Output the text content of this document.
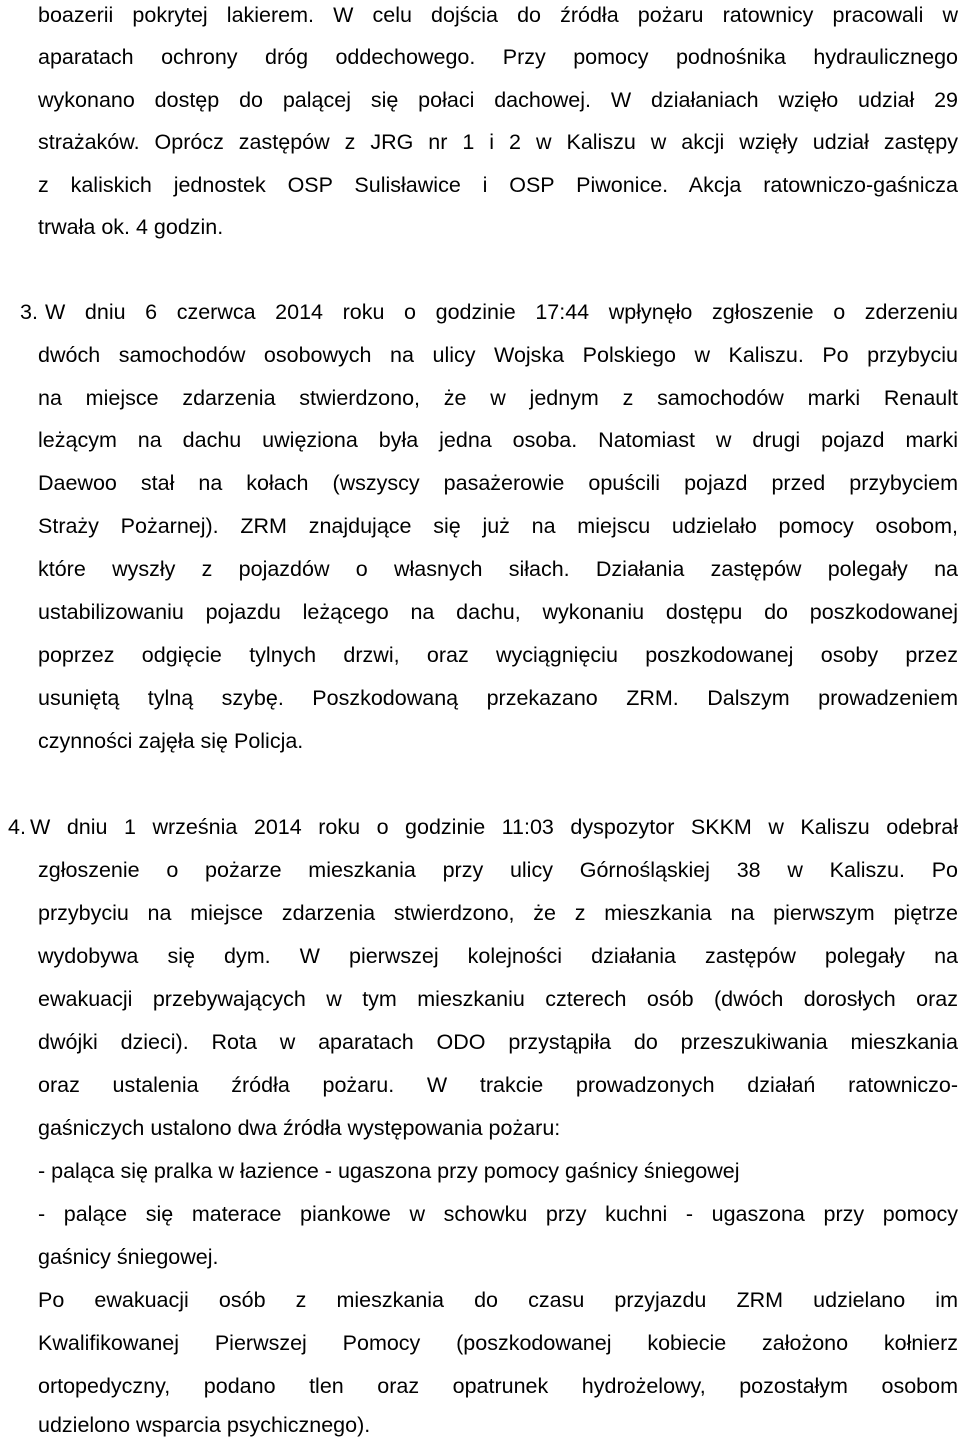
boazerii pokrytej lakierem. W celu dojścia do źródła pożaru ratownicy pracowali w
aparatach ochrony dróg oddechowego. Przy pomocy podnośnika hydraulicznego
wykonano dostęp do palącej się połaci dachowej. W działaniach wzięło udział 29
strażaków. Oprócz zastępów z JRG nr 1 i 2 w Kaliszu w akcji wzięły udział zastępy
z kaliskich jednostek OSP Sulisławice i OSP Piwonice. Akcja ratowniczo-gaśnicza
trwała ok. 4 godzin.
3. W dniu 6 czerwca 2014 roku o godzinie 17:44 wpłynęło zgłoszenie o zderzeniu
dwóch samochodów osobowych na ulicy Wojska Polskiego w Kaliszu. Po przybyciu
na miejsce zdarzenia stwierdzono, że w jednym z samochodów marki Renault
leżącym na dachu uwięziona była jedna osoba. Natomiast w drugi pojazd marki
Daewoo stał na kołach (wszyscy pasażerowie opuścili pojazd przed przybyciem
Straży Pożarnej). ZRM znajdujące się już na miejscu udzielało pomocy osobom,
które wyszły z pojazdów o własnych siłach. Działania zastępów polegały na
ustabilizowaniu pojazdu leżącego na dachu, wykonaniu dostępu do poszkodowanej
poprzez odgięcie tylnych drzwi, oraz wyciągnięciu poszkodowanej osoby przez
usuniętą tylną szybę. Poszkodowaną przekazano ZRM. Dalszym prowadzeniem
czynności zajęła się Policja.
4. W dniu 1 września 2014 roku o godzinie 11:03 dyspozytor SKKM w Kaliszu odebrał
zgłoszenie o pożarze mieszkania przy ulicy Górnośląskiej 38 w Kaliszu. Po
przybyciu na miejsce zdarzenia stwierdzono, że z mieszkania na pierwszym piętrze
wydobywa się dym. W pierwszej kolejności działania zastępów polegały na
ewakuacji przebywających w tym mieszkaniu czterech osób (dwóch dorosłych oraz
dwójki dzieci). Rota w aparatach ODO przystąpiła do przeszukiwania mieszkania
oraz ustalenia źródła pożaru. W trakcie prowadzonych działań ratowniczo-
gaśniczych ustalono dwa źródła występowania pożaru:
- paląca się pralka w łazience - ugaszona przy pomocy gaśnicy śniegowej
- palące się materace piankowe w schowku przy kuchni - ugaszona przy pomocy
gaśnicy śniegowej.
Po ewakuacji osób z mieszkania do czasu przyjazdu ZRM udzielano im
Kwalifikowanej Pierwszej Pomocy (poszkodowanej kobiecie założono kołnierz
ortopedyczny, podano tlen oraz opatrunek hydrożelowy, pozostałym osobom
udzielono wsparcia psychicznego).
